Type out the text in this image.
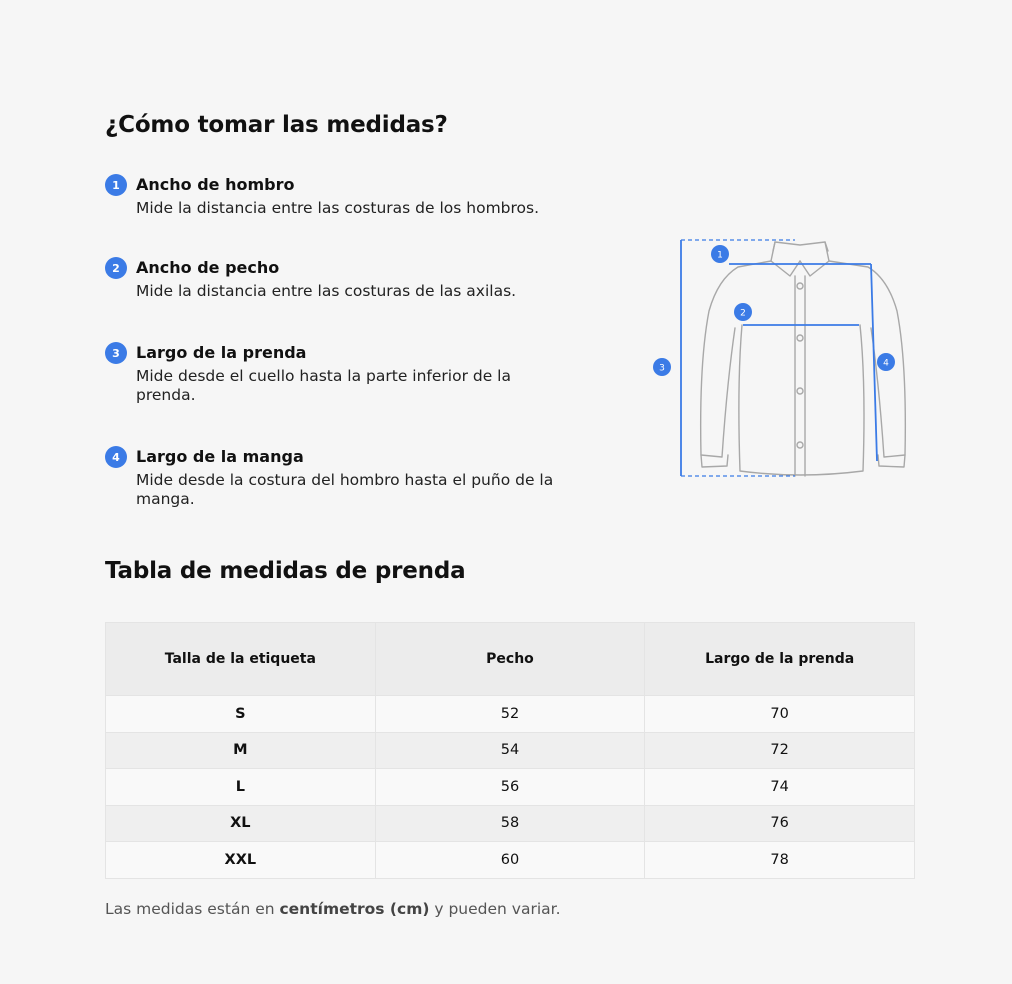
¿Cómo tomar las medidas?
1	Ancho de hombro
Mide la distancia entre las costuras de los hombros.
2	Ancho de pecho
Mide la distancia entre las costuras de las axilas.
3	Largo de la prenda
Mide desde el cuello hasta la parte inferior de la prenda.
4	Largo de la manga
Mide desde la costura del hombro hasta el puño de la manga.
1
2
3	4
Tabla de medidas de prenda
Talla de la etiqueta	Pecho	Largo de la prenda
S	52	70
M	54	72
L	56	74
XL	58	76
XXL	60	78
Las medidas están en centímetros (cm) y pueden variar.
